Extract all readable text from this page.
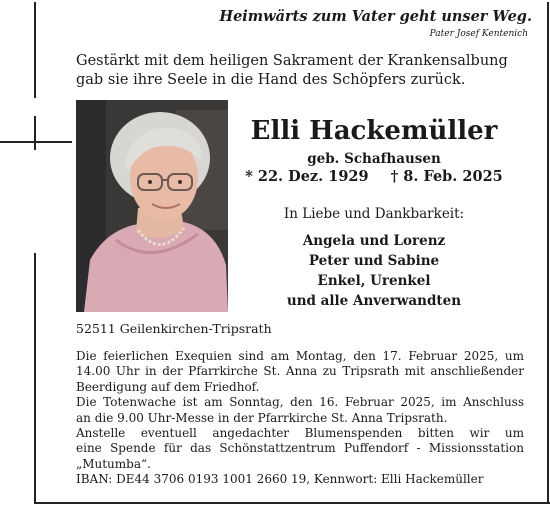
Heimwärts zum Vater geht unser Weg.
Pater Josef Kentenich
Gestärkt mit dem heiligen Sakrament der Krankensalbung
gab sie ihre Seele in die Hand des Schöpfers zurück.
Elli Hackemüller
geb. Schafhausen
* 22. Dez. 1929 † 8. Feb. 2025
In Liebe und Dankbarkeit:
Angela und Lorenz
Peter und Sabine
Enkel, Urenkel
und alle Anverwandten
52511 Geilenkirchen-Tripsrath
Die feierlichen Exequien sind am Montag, den 17. Februar 2025, um
14.00 Uhr in der Pfarrkirche St. Anna zu Tripsrath mit anschließender
Beerdigung auf dem Friedhof.
Die Totenwache ist am Sonntag, den 16. Februar 2025, im Anschluss
an die 9.00 Uhr-Messe in der Pfarrkirche St. Anna Tripsrath.
Anstelle eventuell angedachter Blumenspenden bitten wir um
eine Spende für das Schönstattzentrum Puffendorf - Missionsstation
„Mutumba“.
IBAN: DE44 3706 0193 1001 2660 19, Kennwort: Elli Hackemüller
